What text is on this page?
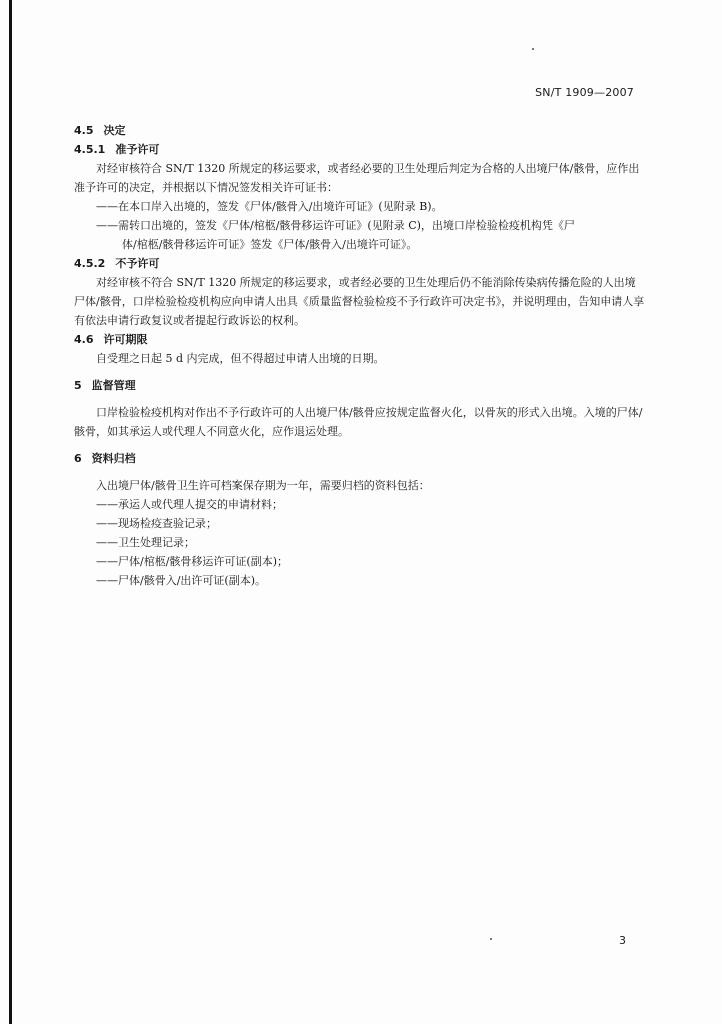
SN/T 1909—2007
4.5 决定
4.5.1 准予许可
对经审核符合 SN/T 1320 所规定的移运要求，或者经必要的卫生处理后判定为合格的人出境尸体/骸骨，应作出准予许可的决定，并根据以下情况签发相关许可证书：
——在本口岸入出境的，签发《尸体/骸骨入/出境许可证》(见附录 B)。
——需转口出境的，签发《尸体/棺柩/骸骨移运许可证》(见附录 C)，出境口岸检验检疫机构凭《尸
体/棺柩/骸骨移运许可证》签发《尸体/骸骨入/出境许可证》。
4.5.2 不予许可
对经审核不符合 SN/T 1320 所规定的移运要求，或者经必要的卫生处理后仍不能消除传染病传播危险的人出境尸体/骸骨，口岸检验检疫机构应向申请人出具《质量监督检验检疫不予行政许可决定书》，并说明理由，告知申请人享有依法申请行政复议或者提起行政诉讼的权利。
4.6 许可期限
自受理之日起 5 d 内完成，但不得超过申请人出境的日期。
5 监督管理
口岸检验检疫机构对作出不予行政许可的人出境尸体/骸骨应按规定监督火化，以骨灰的形式入出境。入境的尸体/骸骨，如其承运人或代理人不同意火化，应作退运处理。
6 资料归档
入出境尸体/骸骨卫生许可档案保存期为一年，需要归档的资料包括：
——承运人或代理人提交的申请材料；
——现场检疫查验记录；
——卫生处理记录；
——尸体/棺柩/骸骨移运许可证(副本)；
——尸体/骸骨入/出许可证(副本)。
3
